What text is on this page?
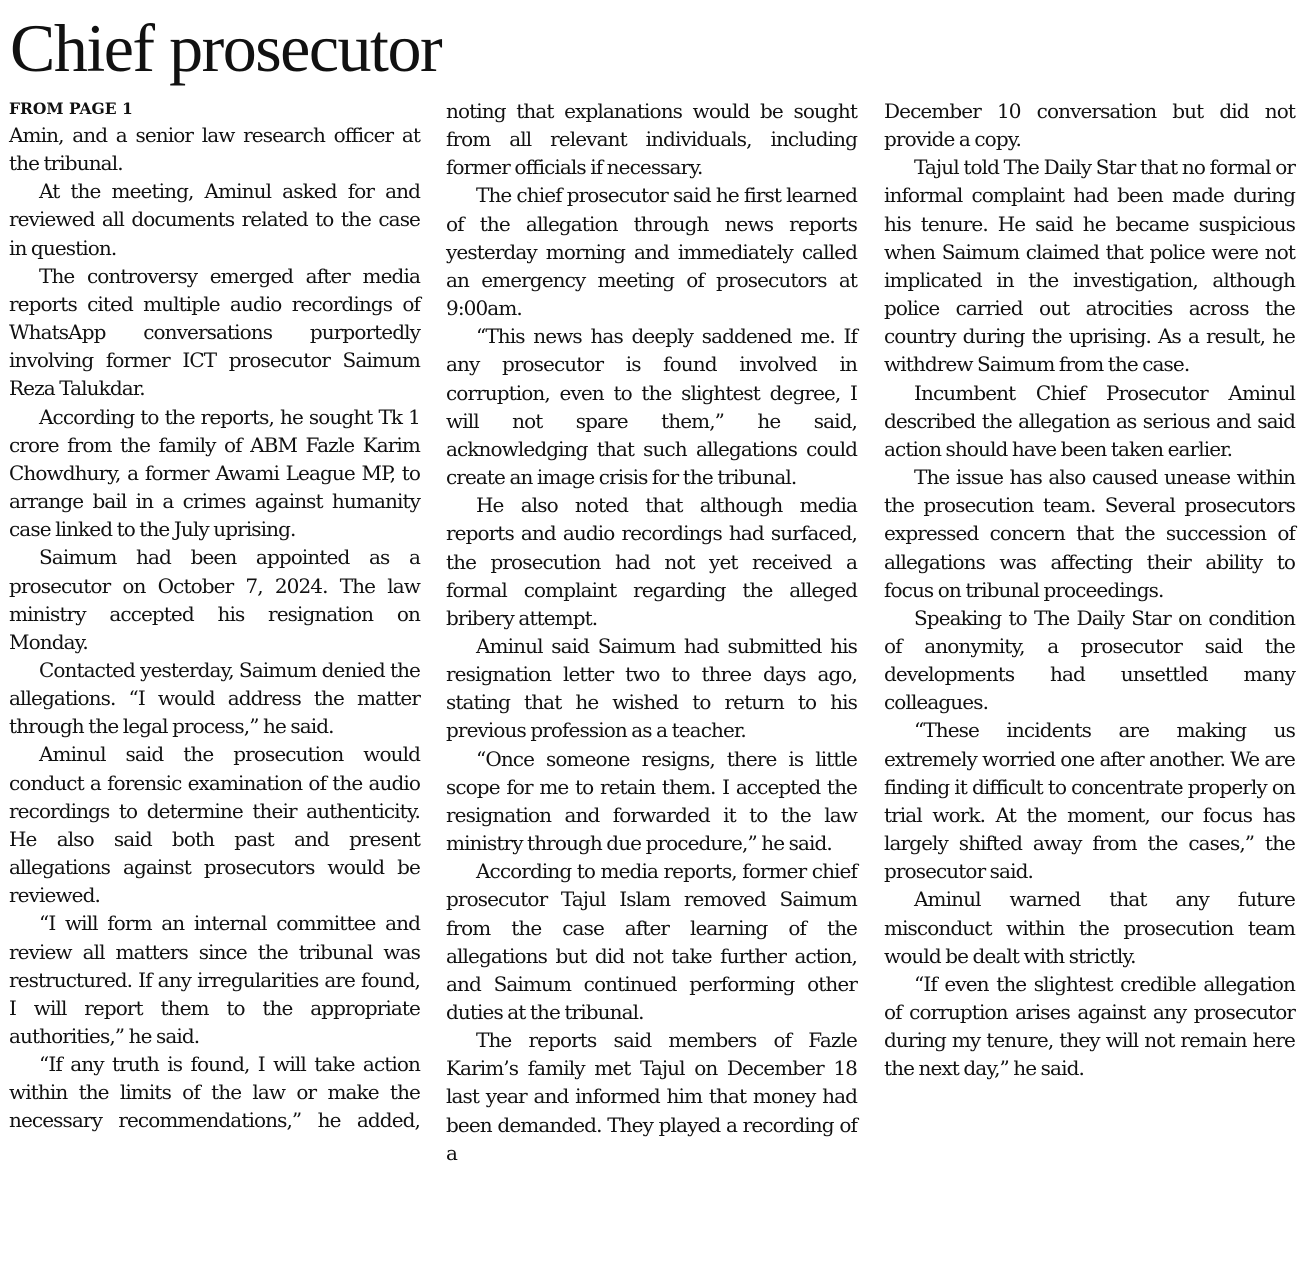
Chief prosecutor
FROM PAGE 1

Amin, and a senior law research officer at the tribunal.

At the meeting, Aminul asked for and reviewed all documents related to the case in question.

The controversy emerged after media reports cited multiple audio recordings of WhatsApp conversations purportedly involving former ICT prosecutor Saimum Reza Talukdar.

According to the reports, he sought Tk 1 crore from the family of ABM Fazle Karim Chowdhury, a former Awami League MP, to arrange bail in a crimes against humanity case linked to the July uprising.

Saimum had been appointed as a prosecutor on October 7, 2024. The law ministry accepted his resignation on Monday.

Contacted yesterday, Saimum denied the allegations. “I would address the matter through the legal process,” he said.

Aminul said the prosecution would conduct a forensic examination of the audio recordings to determine their authenticity. He also said both past and present allegations against prosecutors would be reviewed.

“I will form an internal committee and review all matters since the tribunal was restructured. If any irregularities are found, I will report them to the appropriate authorities,” he said.

“If any truth is found, I will take action within the limits of the law or make the necessary recommendations,” he added,

noting that explanations would be sought from all relevant individuals, including former officials if necessary.

The chief prosecutor said he first learned of the allegation through news reports yesterday morning and immediately called an emergency meeting of prosecutors at 9:00am.

“This news has deeply saddened me. If any prosecutor is found involved in corruption, even to the slightest degree, I will not spare them,” he said, acknowledging that such allegations could create an image crisis for the tribunal.

He also noted that although media reports and audio recordings had surfaced, the prosecution had not yet received a formal complaint regarding the alleged bribery attempt.

Aminul said Saimum had submitted his resignation letter two to three days ago, stating that he wished to return to his previous profession as a teacher.

“Once someone resigns, there is little scope for me to retain them. I accepted the resignation and forwarded it to the law ministry through due procedure,” he said.

According to media reports, former chief prosecutor Tajul Islam removed Saimum from the case after learning of the allegations but did not take further action, and Saimum continued performing other duties at the tribunal.

The reports said members of Fazle Karim’s family met Tajul on December 18 last year and informed him that money had been demanded. They played a recording of a

December 10 conversation but did not provide a copy.

Tajul told The Daily Star that no formal or informal complaint had been made during his tenure. He said he became suspicious when Saimum claimed that police were not implicated in the investigation, although police carried out atrocities across the country during the uprising. As a result, he withdrew Saimum from the case.

Incumbent Chief Prosecutor Aminul described the allegation as serious and said action should have been taken earlier.

The issue has also caused unease within the prosecution team. Several prosecutors expressed concern that the succession of allegations was affecting their ability to focus on tribunal proceedings.

Speaking to The Daily Star on condition of anonymity, a prosecutor said the developments had unsettled many colleagues.

“These incidents are making us extremely worried one after another. We are finding it difficult to concentrate properly on trial work. At the moment, our focus has largely shifted away from the cases,” the prosecutor said.

Aminul warned that any future misconduct within the prosecution team would be dealt with strictly.

“If even the slightest credible allegation of corruption arises against any prosecutor during my tenure, they will not remain here the next day,” he said.
